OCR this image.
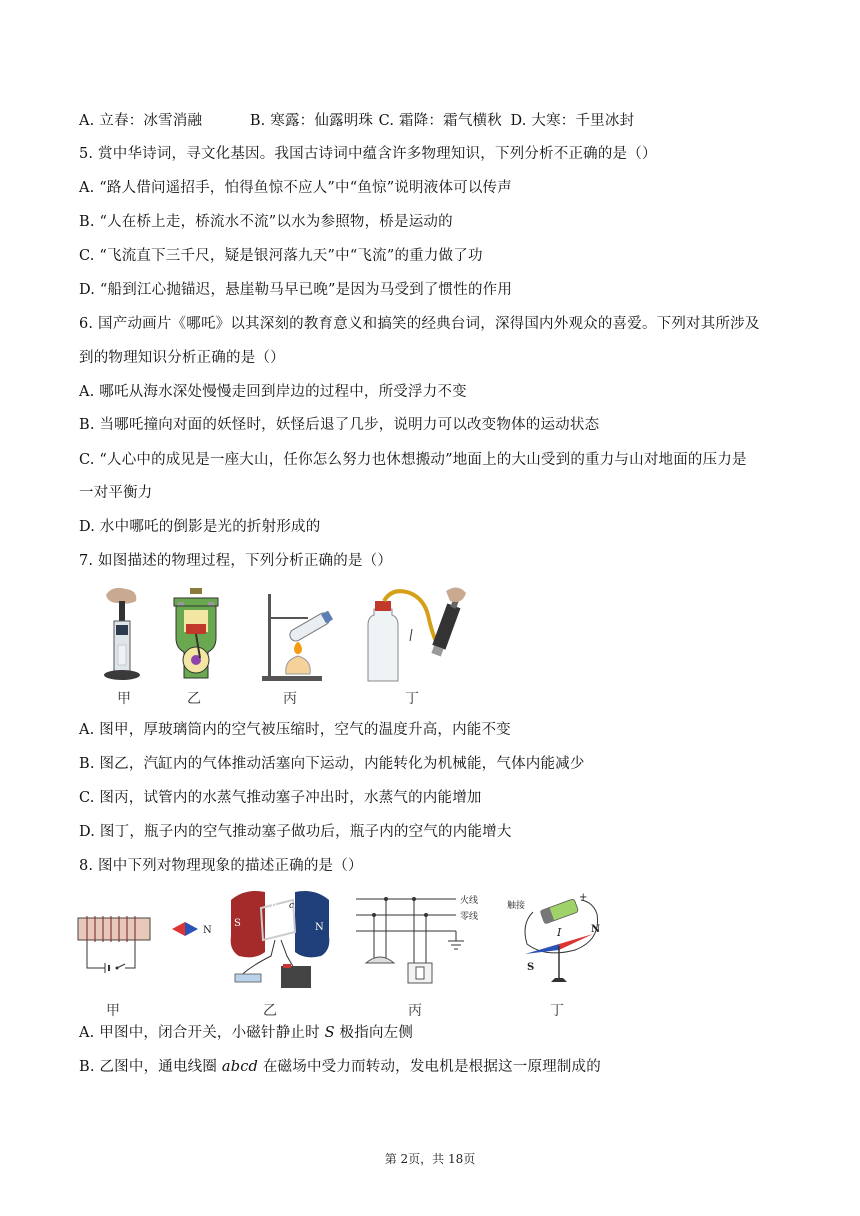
A. 立春：冰雪消融	B. 寒露：仙露明珠 C. 霜降：霜气横秋 D. 大寒：千里冰封
5. 赏中华诗词，寻文化基因。我国古诗词中蕴含许多物理知识，下列分析不正确的是（）
A. “路人借问遥招手，怕得鱼惊不应人”中“鱼惊”说明液体可以传声
B. “人在桥上走，桥流水不流”以水为参照物，桥是运动的
C. “飞流直下三千尺，疑是银河落九天”中“飞流”的重力做了功
D. “船到江心抛锚迟，悬崖勒马早已晚”是因为马受到了惯性的作用
6. 国产动画片《哪吒》以其深刻的教育意义和搞笑的经典台词，深得国内外观众的喜爱。下列对其所涉及
到的物理知识分析正确的是（）
A. 哪吒从海水深处慢慢走回到岸边的过程中，所受浮力不变
B. 当哪吒撞向对面的妖怪时，妖怪后退了几步，说明力可以改变物体的运动状态
C. “人心中的成见是一座大山，任你怎么努力也休想搬动”地面上的大山受到的重力与山对地面的压力是
一对平衡力
D. 水中哪吒的倒影是光的折射形成的
7. 如图描述的物理过程，下列分析正确的是（）
甲	乙	丙	丁
A. 图甲，厚玻璃筒内的空气被压缩时，空气的温度升高，内能不变
B. 图乙，汽缸内的气体推动活塞向下运动，内能转化为机械能，气体内能减少
C. 图丙，试管内的水蒸气推动塞子冲出时，水蒸气的内能增加
D. 图丁，瓶子内的空气推动塞子做功后，瓶子内的空气的内能增大
8. 图中下列对物理现象的描述正确的是（）
N
甲
S	N
a
b c
d
乙
火线
零线
丙
触接
+
I
S
N
丁
A. 甲图中，闭合开关，小磁针静止时 S 极指向左侧
B. 乙图中，通电线圈 abcd 在磁场中受力而转动，发电机是根据这一原理制成的
第 2页，共 18页
